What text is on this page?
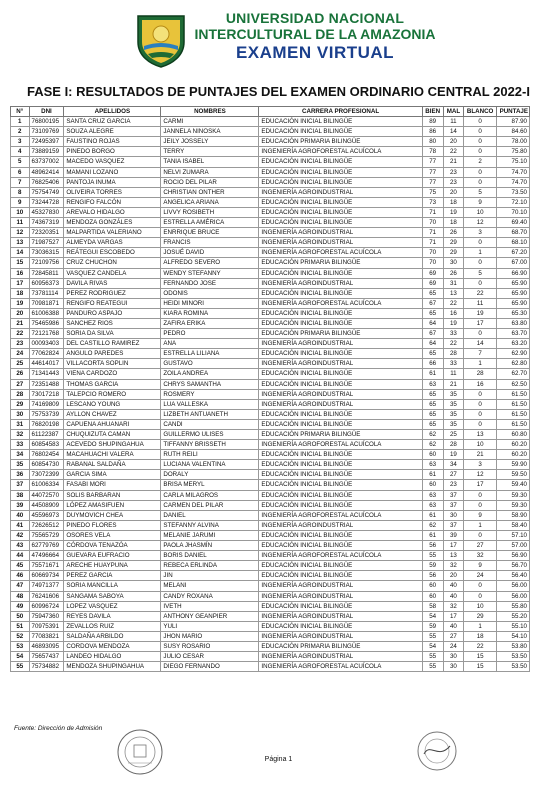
UNIVERSIDAD NACIONAL
INTERCULTURAL DE LA AMAZONIA
EXAMEN VIRTUAL
FASE I: RESULTADOS DE PUNTAJES DEL EXAMEN ORDINARIO CENTRAL 2022-I
N°	DNI	APELLIDOS	NOMBRES	CARRERA PROFESIONAL	BIEN	MAL	BLANCO	PUNTAJE
1	76800195	SANTA CRUZ GARCIA	CARMI	EDUCACIÓN INICIAL BILINGÜE	89	11	0	87.90
2	73109769	SOUZA ALEGRE	JANNELA NINOSKA	EDUCACIÓN INICIAL BILINGÜE	86	14	0	84.60
3	72495397	FAUSTINO ROJAS	JEILY JOSSELY	EDUCACIÓN PRIMARIA BILINGÜE	80	20	0	78.00
4	73889159	PINEDO BORGO	TERRY	INGENIERÍA AGROFORESTAL ACUÍCOLA	78	22	0	75.80
5	63737002	MACEDO VASQUEZ	TANIA ISABEL	EDUCACIÓN INICIAL BILINGÜE	77	21	2	75.10
6	48962414	MAMANI LOZANO	NELVI ZUMARA	EDUCACIÓN INICIAL BILINGÜE	77	23	0	74.70
7	76825406	PANTOJA INUMA	ROCIO DEL PILAR	EDUCACIÓN INICIAL BILINGÜE	77	23	0	74.70
8	75754749	OLIVEIRA TORRES	CHRISTIAN ONTHER	INGENIERÍA AGROINDUSTRIAL	75	20	5	73.50
9	73244728	RENGIFO FALCÓN	ANGELICA ARIANA	EDUCACIÓN INICIAL BILINGÜE	73	18	9	72.10
10	45327830	AREVALO HIDALGO	LIVVY ROSIBETH	EDUCACIÓN INICIAL BILINGÜE	71	19	10	70.10
11	74367319	MENDOZA GONZÁLES	ESTRELLA AMÉRICA	EDUCACIÓN INICIAL BILINGÜE	70	18	12	69.40
12	72320351	MALPARTIDA VALERIANO	ENRRIQUE BRUCE	INGENIERÍA AGROINDUSTRIAL	71	26	3	68.70
13	71987527	ALMEYDA VARGAS	FRANCIS	INGENIERÍA AGROINDUSTRIAL	71	29	0	68.10
14	73036315	REÁTEGUI ESCOBEDO	JOSUÉ DAVID	INGENIERÍA AGROFORESTAL ACUÍCOLA	70	29	1	67.20
15	72109756	CRUZ CHUCHON	ALFREDO SEVERO	EDUCACIÓN PRIMARIA BILINGÜE	70	30	0	67.00
16	72845811	VASQUEZ CANDELA	WENDY STEFANNY	EDUCACIÓN INICIAL BILINGÜE	69	26	5	66.90
17	60956373	DAVILA RIVAS	FERNANDO JOSE	INGENIERÍA AGROINDUSTRIAL	69	31	0	65.90
18	73781114	PEREZ RODRIGUEZ	ODONIS	EDUCACIÓN INICIAL BILINGÜE	65	13	22	65.90
19	70981871	RENGIFO REATEGUI	HEIDI MINORI	INGENIERÍA AGROFORESTAL ACUÍCOLA	67	22	11	65.90
20	61006388	PANDURO ASPAJO	KIARA ROMINA	EDUCACIÓN INICIAL BILINGÜE	65	16	19	65.30
21	75465986	SANCHEZ RIOS	ZAFIRA ERIKA	EDUCACIÓN INICIAL BILINGÜE	64	19	17	63.80
22	72121768	SORIA DA SILVA	PEDRO	EDUCACIÓN PRIMARIA BILINGÜE	67	33	0	63.70
23	00093403	DEL CASTILLO RAMIREZ	ANA	INGENIERÍA AGROINDUSTRIAL	64	22	14	63.20
24	77062824	ANGULO PAREDES	ESTRELLA LILIANA	EDUCACIÓN INICIAL BILINGÜE	65	28	7	62.90
25	44614017	VILLACORTA SOPLIN	GUSTAVO	INGENIERÍA AGROINDUSTRIAL	66	33	1	62.80
26	71341443	VIENA CARDOZO	ZOILA ANDREA	EDUCACIÓN INICIAL BILINGÜE	61	11	28	62.70
27	72351488	THOMAS GARCIA	CHRYS SAMANTHA	EDUCACIÓN INICIAL BILINGÜE	63	21	16	62.50
28	73017218	TALEPCIO ROMERO	ROSMERY	INGENIERÍA AGROINDUSTRIAL	65	35	0	61.50
29	74169809	LESCANO YOUNG	LUA VALLESKA	INGENIERÍA AGROINDUSTRIAL	65	35	0	61.50
30	75753739	AYLLON CHAVEZ	LIZBETH ANTUANETH	EDUCACIÓN INICIAL BILINGÜE	65	35	0	61.50
31	76820198	CAPUENA AHUANARI	CANDI	EDUCACIÓN INICIAL BILINGÜE	65	35	0	61.50
32	61122387	CHUQUIZUTA CAMAN	GUILLERMO ULISES	EDUCACIÓN PRIMARIA BILINGÜE	62	25	13	60.80
33	60854583	ACEVEDO SHUPINGAHUA	TIFFANNY BRISSETH	INGENIERÍA AGROFORESTAL ACUÍCOLA	62	28	10	60.20
34	76802454	MACAHUACHI VALERA	RUTH REILI	EDUCACIÓN INICIAL BILINGÜE	60	19	21	60.20
35	60854730	RABANAL SALDAÑA	LUCIANA VALENTINA	EDUCACIÓN INICIAL BILINGÜE	63	34	3	59.90
36	73072399	GARCIA SIMA	DORALY	EDUCACIÓN INICIAL BILINGÜE	61	27	12	59.50
37	61006334	FASABI MORI	BRISA MERYL	EDUCACIÓN INICIAL BILINGÜE	60	23	17	59.40
38	44072570	SOLIS BARBARAN	CARLA MILAGROS	EDUCACIÓN INICIAL BILINGÜE	63	37	0	59.30
39	44508909	LÓPEZ AMASIFUEN	CARMEN DEL PILAR	EDUCACIÓN INICIAL BILINGÜE	63	37	0	59.30
40	45596973	DUYMOVICH CHEA	DANIEL	INGENIERÍA AGROFORESTAL ACUÍCOLA	61	30	9	58.90
41	72626512	PINEDO FLORES	STEFANNY ALVINA	INGENIERÍA AGROINDUSTRIAL	62	37	1	58.40
42	75565729	OSORES VELA	MELANIE JARUMI	EDUCACIÓN INICIAL BILINGÜE	61	39	0	57.10
43	62779769	CÓRDOVA TENAZÓA	PAOLA JHASMÍN	EDUCACIÓN INICIAL BILINGÜE	56	17	27	57.00
44	47496664	GUEVARA EUFRACIO	BORIS DANIEL	INGENIERÍA AGROFORESTAL ACUÍCOLA	55	13	32	56.90
45	75571671	ARECHE HUAYPUNA	REBECA ERLINDA	EDUCACIÓN INICIAL BILINGÜE	59	32	9	56.70
46	60669734	PEREZ GARCIA	JIN	EDUCACIÓN INICIAL BILINGÜE	56	20	24	56.40
47	74971377	SORIA MANCILLA	MELANI	INGENIERÍA AGROINDUSTRIAL	60	40	0	56.00
48	76241606	SANGAMA SABOYA	CANDY ROXANA	INGENIERÍA AGROINDUSTRIAL	60	40	0	56.00
49	60996724	LOPEZ VASQUEZ	IVETH	EDUCACIÓN INICIAL BILINGÜE	58	32	10	55.80
50	75947360	REYES DAVILA	ANTHONY GEANPIER	INGENIERÍA AGROINDUSTRIAL	54	17	29	55.20
51	70975391	ZEVALLOS RUIZ	YULI	EDUCACIÓN INICIAL BILINGÜE	59	40	1	55.10
52	77083821	SALDAÑA ARBILDO	JHON MARIO	INGENIERÍA AGROINDUSTRIAL	55	27	18	54.10
53	46893095	CORDOVA MENDOZA	SUSY ROSARIO	EDUCACIÓN PRIMARIA BILINGÜE	54	24	22	53.80
54	75657437	LANDEO HIDALGO	JULIO CESAR	INGENIERÍA AGROINDUSTRIAL	55	30	15	53.50
55	75734882	MENDOZA SHUPINGAHUA	DIEGO FERNANDO	INGENIERÍA AGROFORESTAL ACUÍCOLA	55	30	15	53.50
Fuente: Dirección de Admisión
Página 1
